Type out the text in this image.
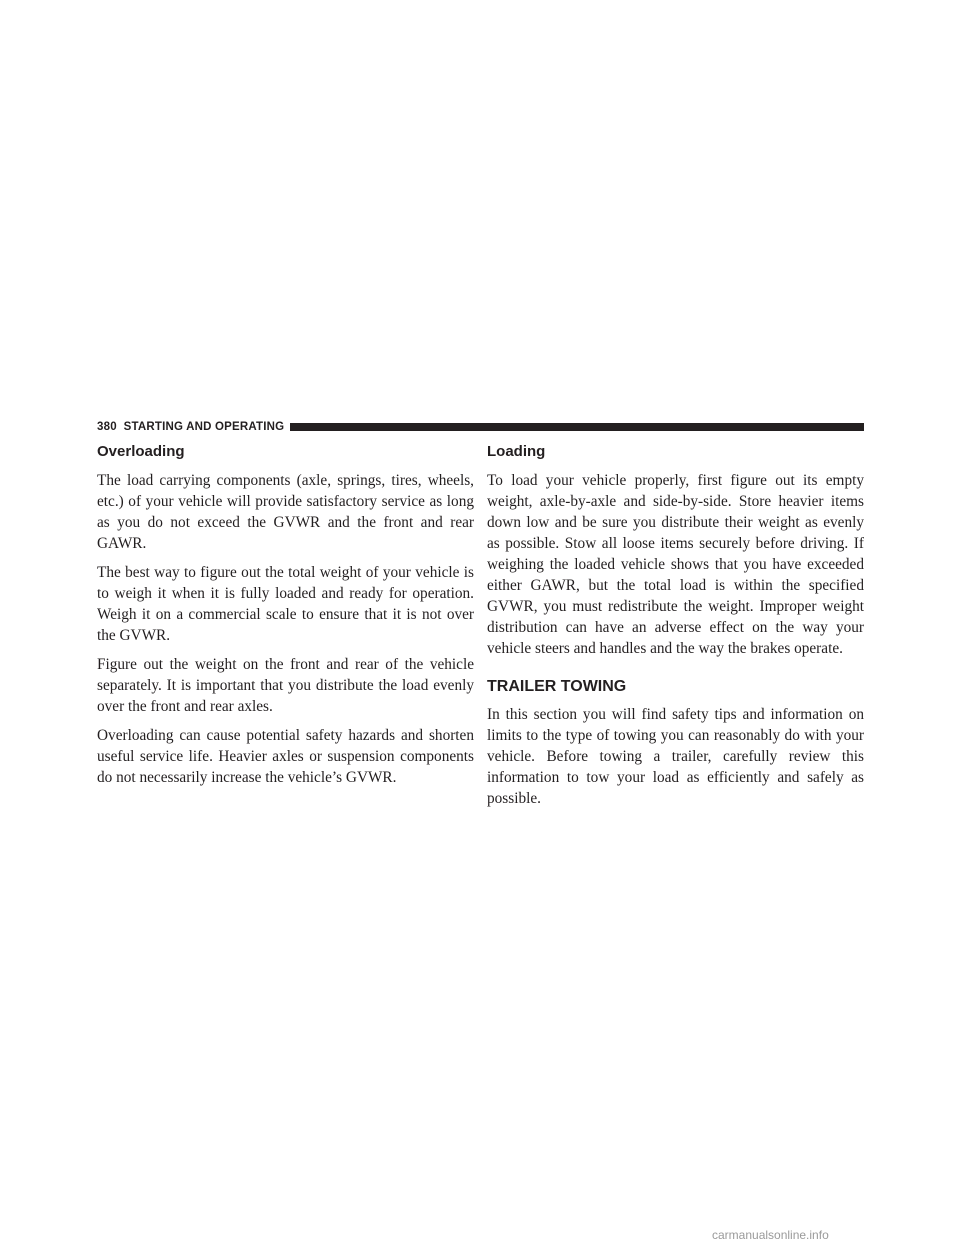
380 STARTING AND OPERATING
Overloading

The load carrying components (axle, springs, tires, wheels, etc.) of your vehicle will provide satisfactory service as long as you do not exceed the GVWR and the front and rear GAWR.

The best way to figure out the total weight of your vehicle is to weigh it when it is fully loaded and ready for operation. Weigh it on a commercial scale to ensure that it is not over the GVWR.

Figure out the weight on the front and rear of the vehicle separately. It is important that you distribute the load evenly over the front and rear axles.

Overloading can cause potential safety hazards and shorten useful service life. Heavier axles or suspension components do not necessarily increase the vehicle’s GVWR.

Loading

To load your vehicle properly, first figure out its empty weight, axle-by-axle and side-by-side. Store heavier items down low and be sure you distribute their weight as evenly as possible. Stow all loose items securely before driving. If weighing the loaded vehicle shows that you have exceeded either GAWR, but the total load is within the specified GVWR, you must redistribute the weight. Improper weight distribution can have an adverse effect on the way your vehicle steers and handles and the way the brakes operate.

TRAILER TOWING

In this section you will find safety tips and information on limits to the type of towing you can reasonably do with your vehicle. Before towing a trailer, carefully review this information to tow your load as efficiently and safely as possible.

carmanualsonline.info
